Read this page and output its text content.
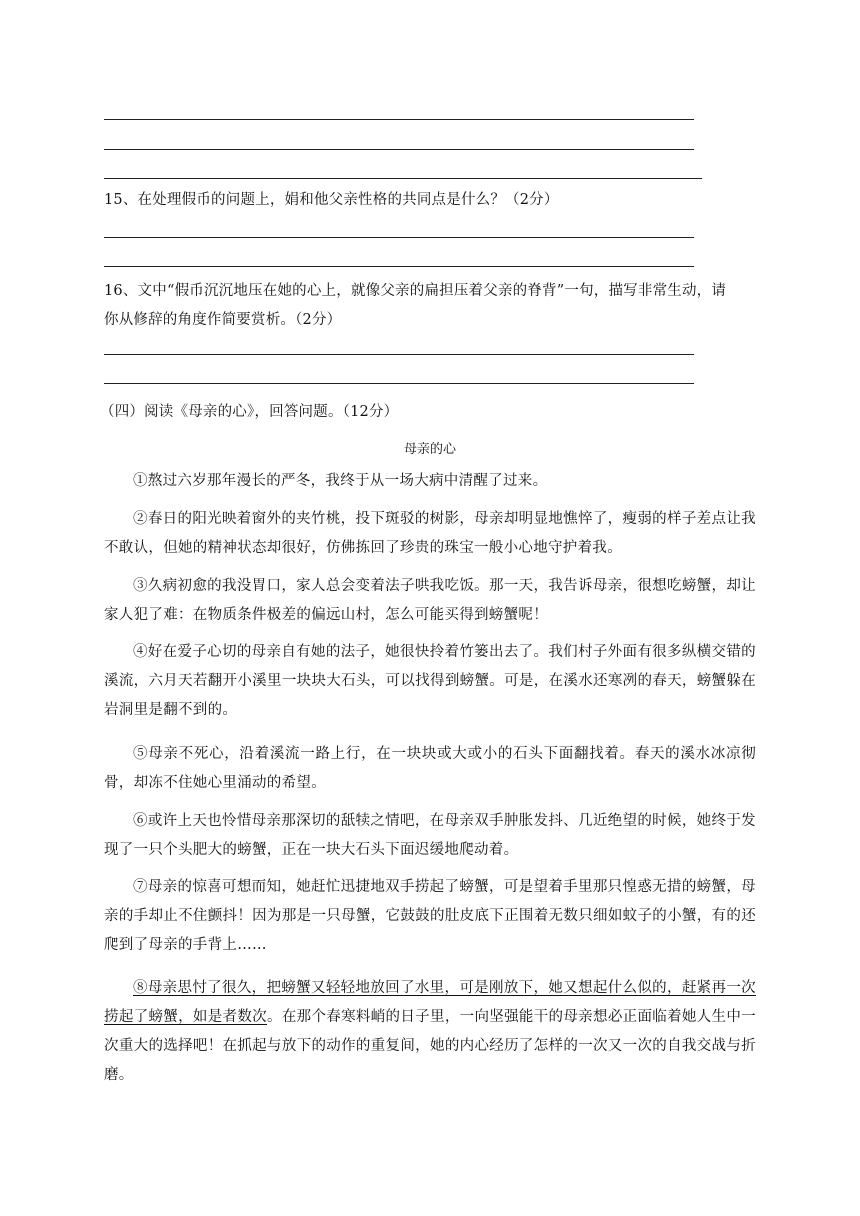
15、在处理假币的问题上，娟和他父亲性格的共同点是什么？（2分）
16、文中“假币沉沉地压在她的心上，就像父亲的扁担压着父亲的脊背”一句，描写非常生动，请
你从修辞的角度作简要赏析。（2分）
（四）阅读《母亲的心》，回答问题。（12分）
母亲的心
①熬过六岁那年漫长的严冬，我终于从一场大病中清醒了过来。
②春日的阳光映着窗外的夹竹桃，投下斑驳的树影，母亲却明显地憔悴了，瘦弱的样子差点让我不敢认，但她的精神状态却很好，仿佛拣回了珍贵的珠宝一般小心地守护着我。
③久病初愈的我没胃口，家人总会变着法子哄我吃饭。那一天，我告诉母亲，很想吃螃蟹，却让家人犯了难：在物质条件极差的偏远山村，怎么可能买得到螃蟹呢！
④好在爱子心切的母亲自有她的法子，她很快拎着竹篓出去了。我们村子外面有很多纵横交错的溪流，六月天若翻开小溪里一块块大石头，可以找得到螃蟹。可是，在溪水还寒冽的春天，螃蟹躲在岩洞里是翻不到的。
⑤母亲不死心，沿着溪流一路上行，在一块块或大或小的石头下面翻找着。春天的溪水冰凉彻骨，却冻不住她心里涌动的希望。
⑥或许上天也怜惜母亲那深切的舐犊之情吧，在母亲双手肿胀发抖、几近绝望的时候，她终于发现了一只个头肥大的螃蟹，正在一块大石头下面迟缓地爬动着。
⑦母亲的惊喜可想而知，她赶忙迅捷地双手捞起了螃蟹，可是望着手里那只惶惑无措的螃蟹，母亲的手却止不住颤抖！因为那是一只母蟹，它鼓鼓的肚皮底下正围着无数只细如蚊子的小蟹，有的还爬到了母亲的手背上……
⑧母亲思忖了很久，把螃蟹又轻轻地放回了水里，可是刚放下，她又想起什么似的，赶紧再一次捞起了螃蟹，如是者数次。在那个春寒料峭的日子里，一向坚强能干的母亲想必正面临着她人生中一次重大的选择吧！在抓起与放下的动作的重复间，她的内心经历了怎样的一次又一次的自我交战与折磨。
